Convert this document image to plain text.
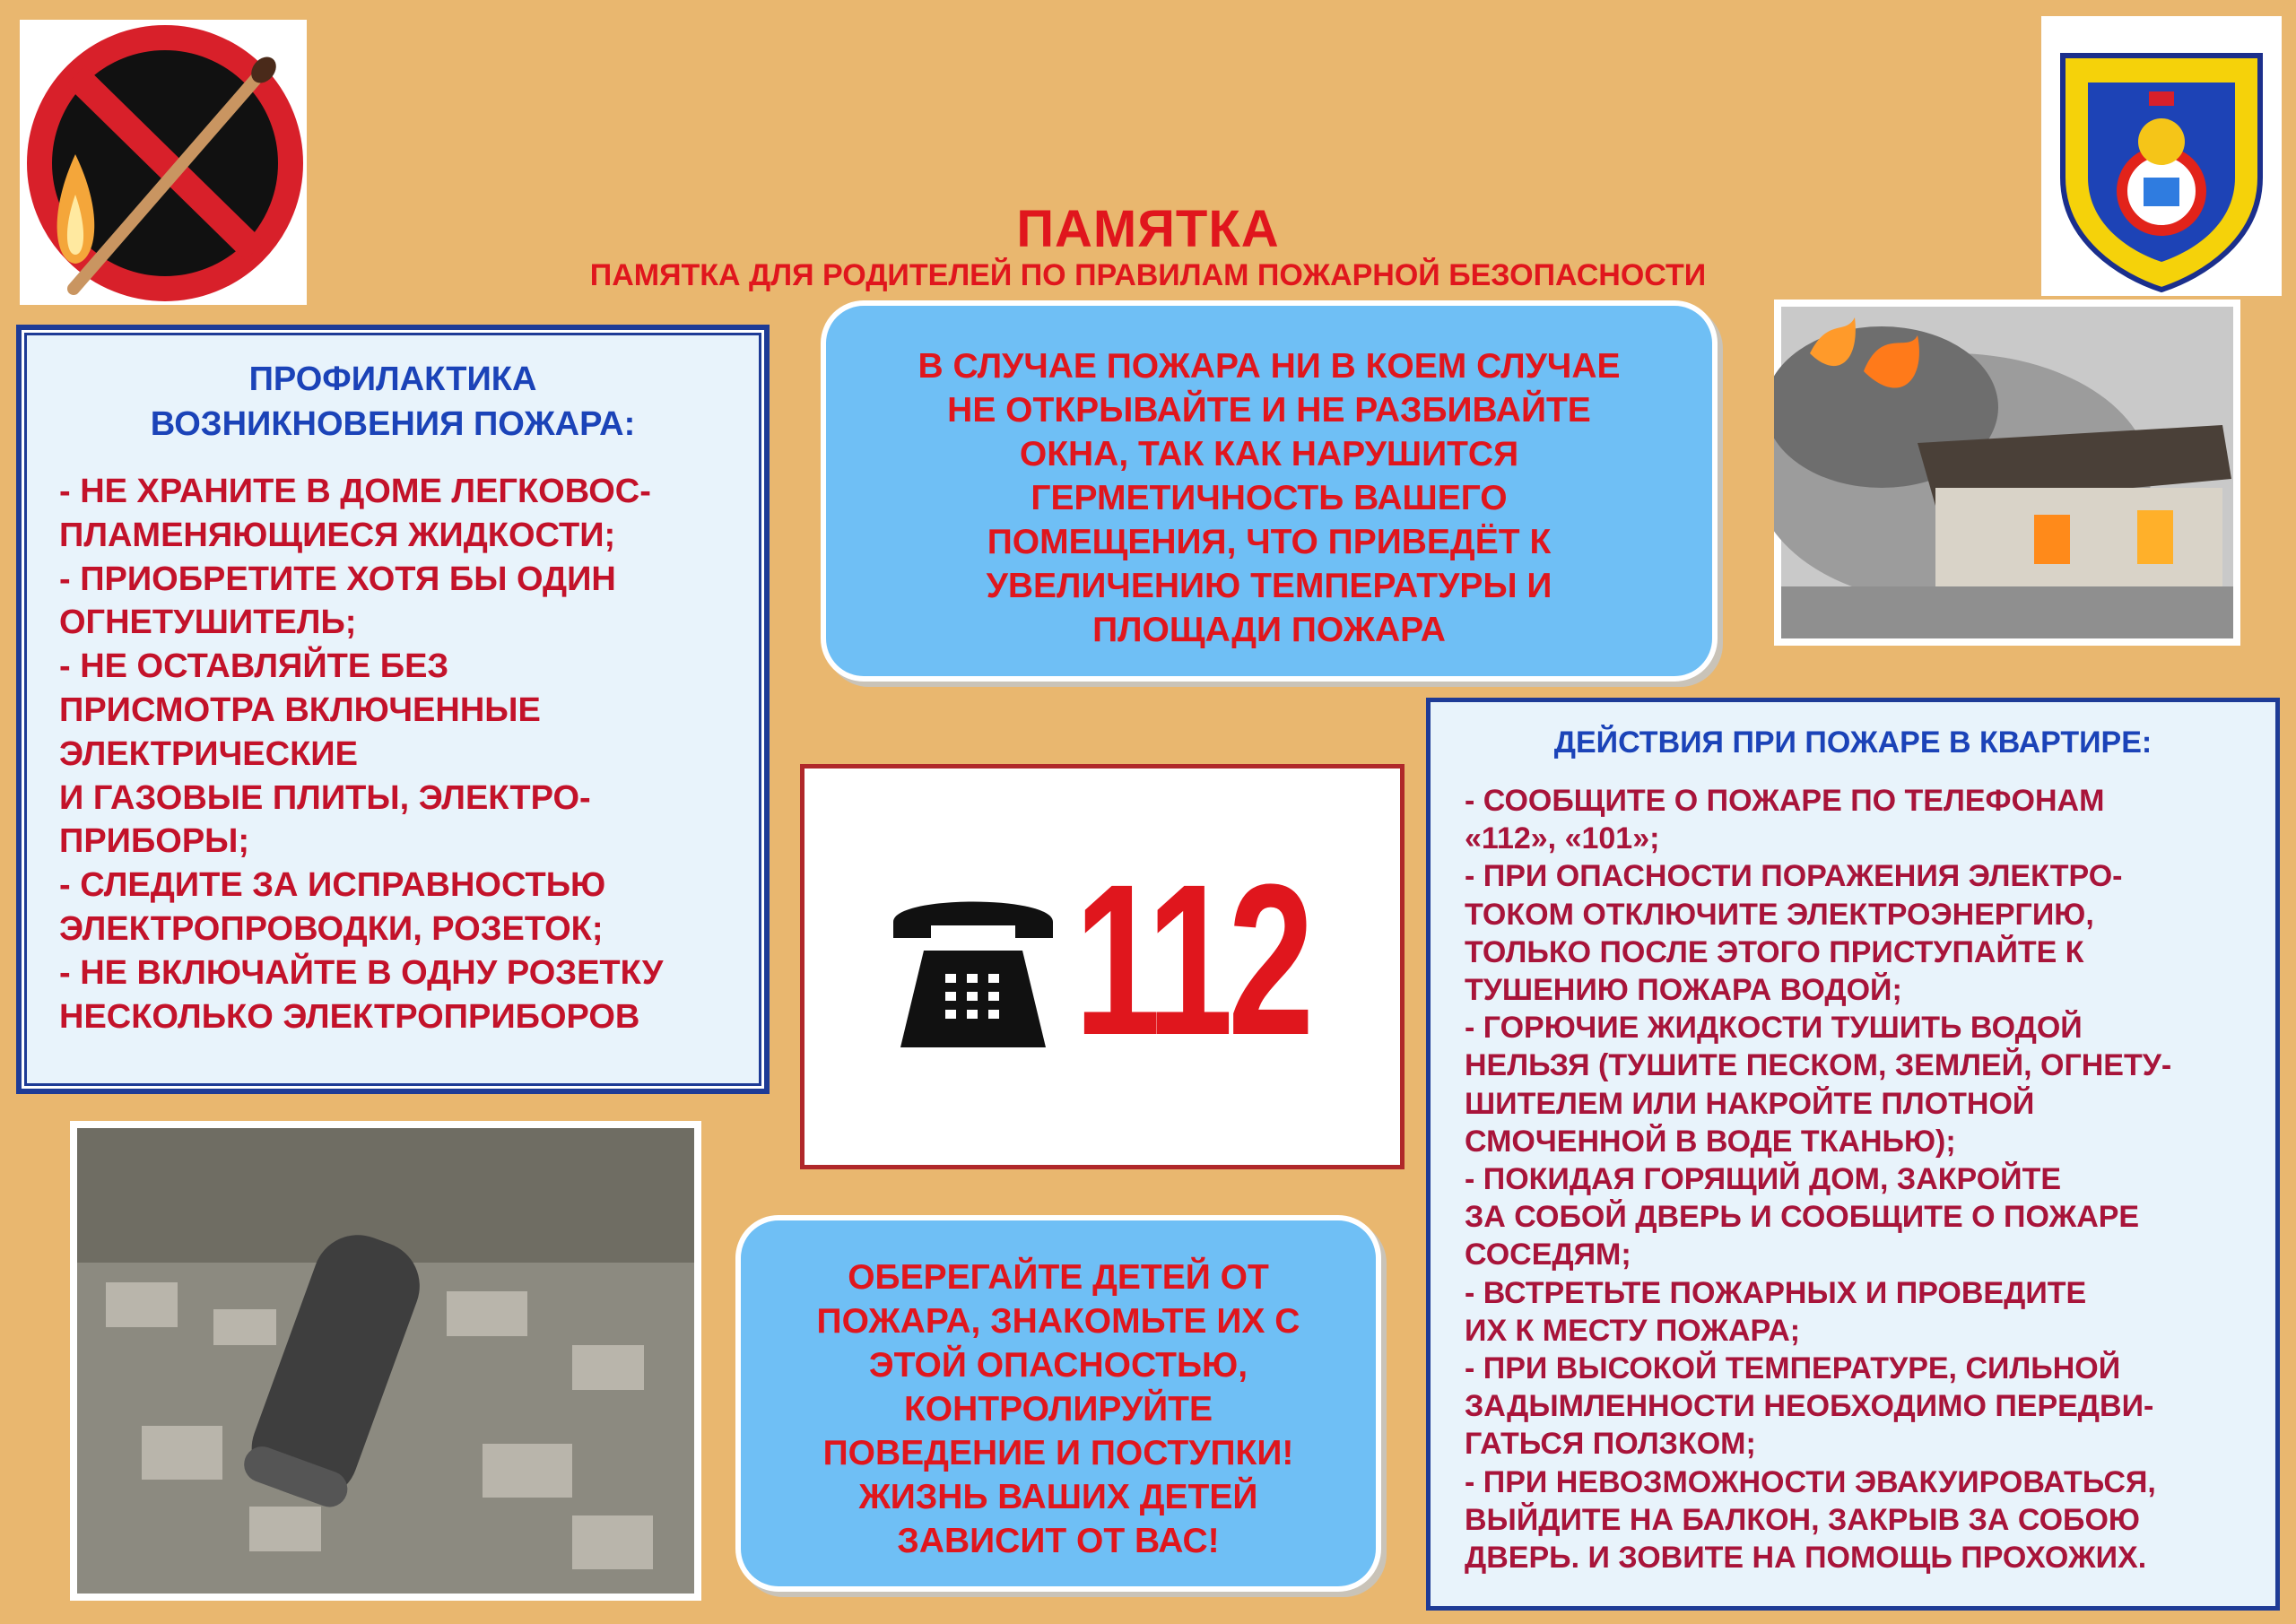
ПАМЯТКА
ПАМЯТКА ДЛЯ РОДИТЕЛЕЙ ПО ПРАВИЛАМ ПОЖАРНОЙ БЕЗОПАСНОСТИ
ПРОФИЛАКТИКА
ВОЗНИКНОВЕНИЯ ПОЖАРА:
- НЕ ХРАНИТЕ В ДОМЕ ЛЕГКОВОС-
ПЛАМЕНЯЮЩИЕСЯ ЖИДКОСТИ;
- ПРИОБРЕТИТЕ ХОТЯ БЫ ОДИН
ОГНЕТУШИТЕЛЬ;
- НЕ ОСТАВЛЯЙТЕ БЕЗ
ПРИСМОТРА ВКЛЮЧЕННЫЕ
ЭЛЕКТРИЧЕСКИЕ
И ГАЗОВЫЕ ПЛИТЫ, ЭЛЕКТРО-
ПРИБОРЫ;
- СЛЕДИТЕ ЗА ИСПРАВНОСТЬЮ
ЭЛЕКТРОПРОВОДКИ, РОЗЕТОК;
- НЕ ВКЛЮЧАЙТЕ В ОДНУ РОЗЕТКУ
НЕСКОЛЬКО ЭЛЕКТРОПРИБОРОВ
В СЛУЧАЕ ПОЖАРА НИ В КОЕМ СЛУЧАЕ
НЕ ОТКРЫВАЙТЕ И НЕ РАЗБИВАЙТЕ
ОКНА, ТАК КАК НАРУШИТСЯ
ГЕРМЕТИЧНОСТЬ ВАШЕГО
ПОМЕЩЕНИЯ, ЧТО ПРИВЕДЁТ К
УВЕЛИЧЕНИЮ ТЕМПЕРАТУРЫ И
ПЛОЩАДИ ПОЖАРА
112
ДЕЙСТВИЯ ПРИ ПОЖАРЕ В КВАРТИРЕ:
- СООБЩИТЕ О ПОЖАРЕ ПО ТЕЛЕФОНАМ
«112», «101»;
- ПРИ ОПАСНОСТИ ПОРАЖЕНИЯ ЭЛЕКТРО-
ТОКОМ ОТКЛЮЧИТЕ ЭЛЕКТРОЭНЕРГИЮ,
ТОЛЬКО ПОСЛЕ ЭТОГО ПРИСТУПАЙТЕ К
ТУШЕНИЮ ПОЖАРА ВОДОЙ;
- ГОРЮЧИЕ ЖИДКОСТИ ТУШИТЬ ВОДОЙ
НЕЛЬЗЯ (ТУШИТЕ ПЕСКОМ, ЗЕМЛЕЙ, ОГНЕТУ-
ШИТЕЛЕМ ИЛИ НАКРОЙТЕ ПЛОТНОЙ
СМОЧЕННОЙ В ВОДЕ ТКАНЬЮ);
- ПОКИДАЯ ГОРЯЩИЙ ДОМ, ЗАКРОЙТЕ
ЗА СОБОЙ ДВЕРЬ И СООБЩИТЕ О ПОЖАРЕ
СОСЕДЯМ;
- ВСТРЕТЬТЕ ПОЖАРНЫХ И ПРОВЕДИТЕ
ИХ К МЕСТУ ПОЖАРА;
- ПРИ ВЫСОКОЙ ТЕМПЕРАТУРЕ, СИЛЬНОЙ
ЗАДЫМЛЕННОСТИ НЕОБХОДИМО ПЕРЕДВИ-
ГАТЬСЯ ПОЛЗКОМ;
- ПРИ НЕВОЗМОЖНОСТИ ЭВАКУИРОВАТЬСЯ,
ВЫЙДИТЕ НА БАЛКОН, ЗАКРЫВ ЗА СОБОЮ
ДВЕРЬ. И ЗОВИТЕ НА ПОМОЩЬ ПРОХОЖИХ.
ОБЕРЕГАЙТЕ ДЕТЕЙ ОТ
ПОЖАРА, ЗНАКОМЬТЕ ИХ С
ЭТОЙ ОПАСНОСТЬЮ,
КОНТРОЛИРУЙТЕ
ПОВЕДЕНИЕ И ПОСТУПКИ!
ЖИЗНЬ ВАШИХ ДЕТЕЙ
ЗАВИСИТ ОТ ВАС!
